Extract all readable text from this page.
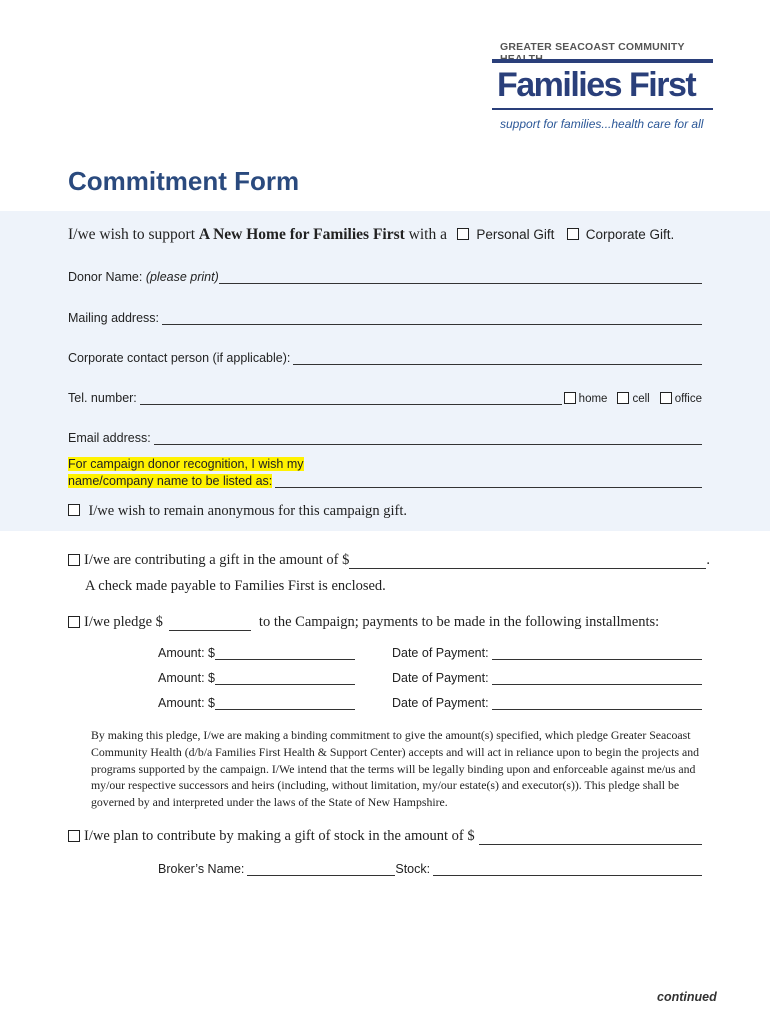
GREATER SEACOAST COMMUNITY
Families First
support for families...health care for all
Commitment Form
I/we wish to support A New Home for Families First with a Personal Gift Corporate Gift.
Donor Name: (please print)
Mailing address:
Corporate contact person (if applicable):
Tel. number:	home cell office
Email address:
For campaign donor recognition, I wish my
name/company name to be listed as:
I/we wish to remain anonymous for this campaign gift.
I/we are contributing a gift in the amount of $	.
A check made payable to Families First is enclosed.
I/we pledge $	to the Campaign; payments to be made in the following installments:
Amount: $	Date of Payment:
Amount: $	Date of Payment:
Amount: $	Date of Payment:
By making this pledge, I/we are making a binding commitment to give the amount(s) specified, which pledge Greater Seacoast Community Health (d/b/a Families First Health & Support Center) accepts and will act in reliance upon to begin the projects and programs supported by the campaign. I/We intend that the terms will be legally binding upon and enforceable against me/us and my/our respective successors and heirs (including, without limitation, my/our estate(s) and executor(s)). This pledge shall be governed by and interpreted under the laws of the State of New Hampshire.
I/we plan to contribute by making a gift of stock in the amount of $
Broker’s Name:	Stock:
continued
